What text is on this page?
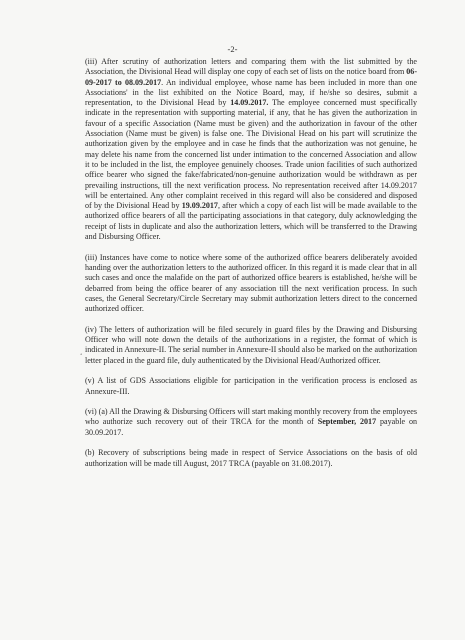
-2-
ʻ

(iii) After scrutiny of authorization letters and comparing them with the list submitted by the Association, the Divisional Head will display one copy of each set of lists on the notice board from 06-09-2017 to 08.09.2017. An individual employee, whose name has been included in more than one Associations' in the list exhibited on the Notice Board, may, if he/she so desires, submit a representation, to the Divisional Head by 14.09.2017. The employee concerned must specifically indicate in the representation with supporting material, if any, that he has given the authorization in favour of a specific Association (Name must be given) and the authorization in favour of the other Association (Name must be given) is false one. The Divisional Head on his part will scrutinize the authorization given by the employee and in case he finds that the authorization was not genuine, he may delete his name from the concerned list under intimation to the concerned Association and allow it to be included in the list, the employee genuinely chooses. Trade union facilities of such authorized office bearer who signed the fake/fabricated/non-genuine authorization would be withdrawn as per prevailing instructions, till the next verification process. No representation received after 14.09.2017 will be entertained. Any other complaint received in this regard will also be considered and disposed of by the Divisional Head by 19.09.2017, after which a copy of each list will be made available to the authorized office bearers of all the participating associations in that category, duly acknowledging the receipt of lists in duplicate and also the authorization letters, which will be transferred to the Drawing and Disbursing Officer.

(iii) Instances have come to notice where some of the authorized office bearers deliberately avoided handing over the authorization letters to the authorized officer. In this regard it is made clear that in all such cases and once the malafide on the part of authorized office bearers is established, he/she will be debarred from being the office bearer of any association till the next verification process. In such cases, the General Secretary/Circle Secretary may submit authorization letters direct to the concerned authorized officer.

(iv) The letters of authorization will be filed securely in guard files by the Drawing and Disbursing Officer who will note down the details of the authorizations in a register, the format of which is indicated in Annexure-II. The serial number in Annexure-II should also be marked on the authorization letter placed in the guard file, duly authenticated by the Divisional Head/Authorized officer.

(v) A list of GDS Associations eligible for participation in the verification process is enclosed as Annexure-III.

(vi) (a) All the Drawing & Disbursing Officers will start making monthly recovery from the employees who authorize such recovery out of their TRCA for the month of September, 2017 payable on 30.09.2017.

(b) Recovery of subscriptions being made in respect of Service Associations on the basis of old authorization will be made till August, 2017 TRCA (payable on 31.08.2017).
